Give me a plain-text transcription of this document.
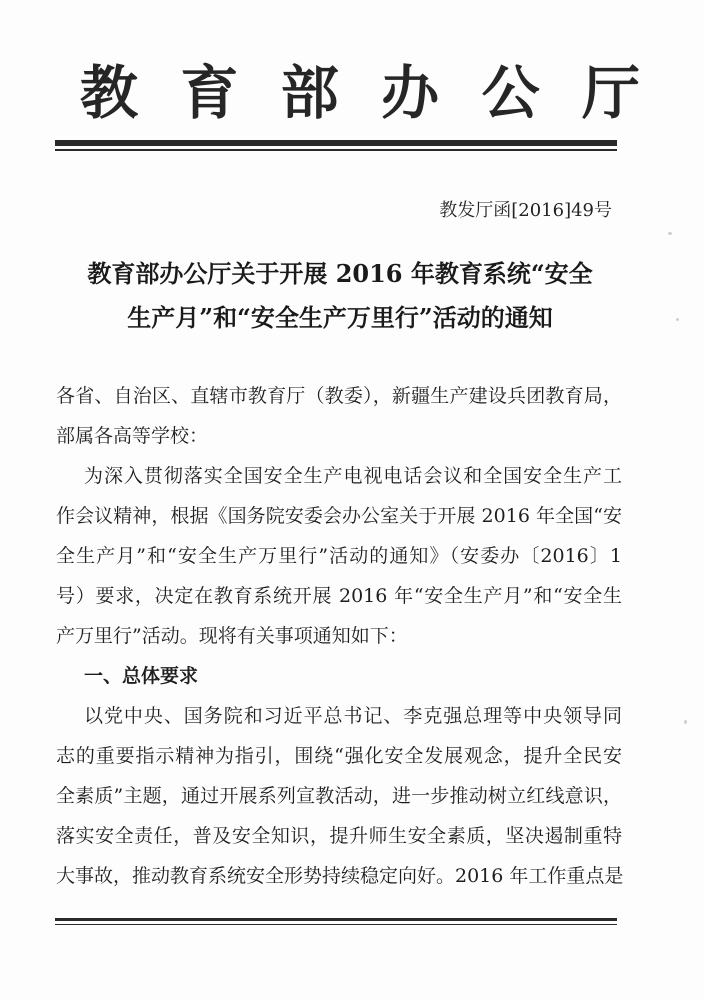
教 育 部 办 公 厅
教发厅函[2016]49号
教育部办公厅关于开展 2016 年教育系统“安全
生产月”和“安全生产万里行”活动的通知
各省、自治区、直辖市教育厅（教委），新疆生产建设兵团教育局，
部属各高等学校：
为深入贯彻落实全国安全生产电视电话会议和全国安全生产工
作会议精神，根据《国务院安委会办公室关于开展 2016 年全国“安
全生产月”和“安全生产万里行”活动的通知》（安委办〔2016〕1
号）要求，决定在教育系统开展 2016 年“安全生产月”和“安全生
产万里行”活动。现将有关事项通知如下：
一、总体要求
以党中央、国务院和习近平总书记、李克强总理等中央领导同
志的重要指示精神为指引，围绕“强化安全发展观念，提升全民安
全素质”主题，通过开展系列宣教活动，进一步推动树立红线意识，
落实安全责任，普及安全知识，提升师生安全素质，坚决遏制重特
大事故，推动教育系统安全形势持续稳定向好。2016 年工作重点是
